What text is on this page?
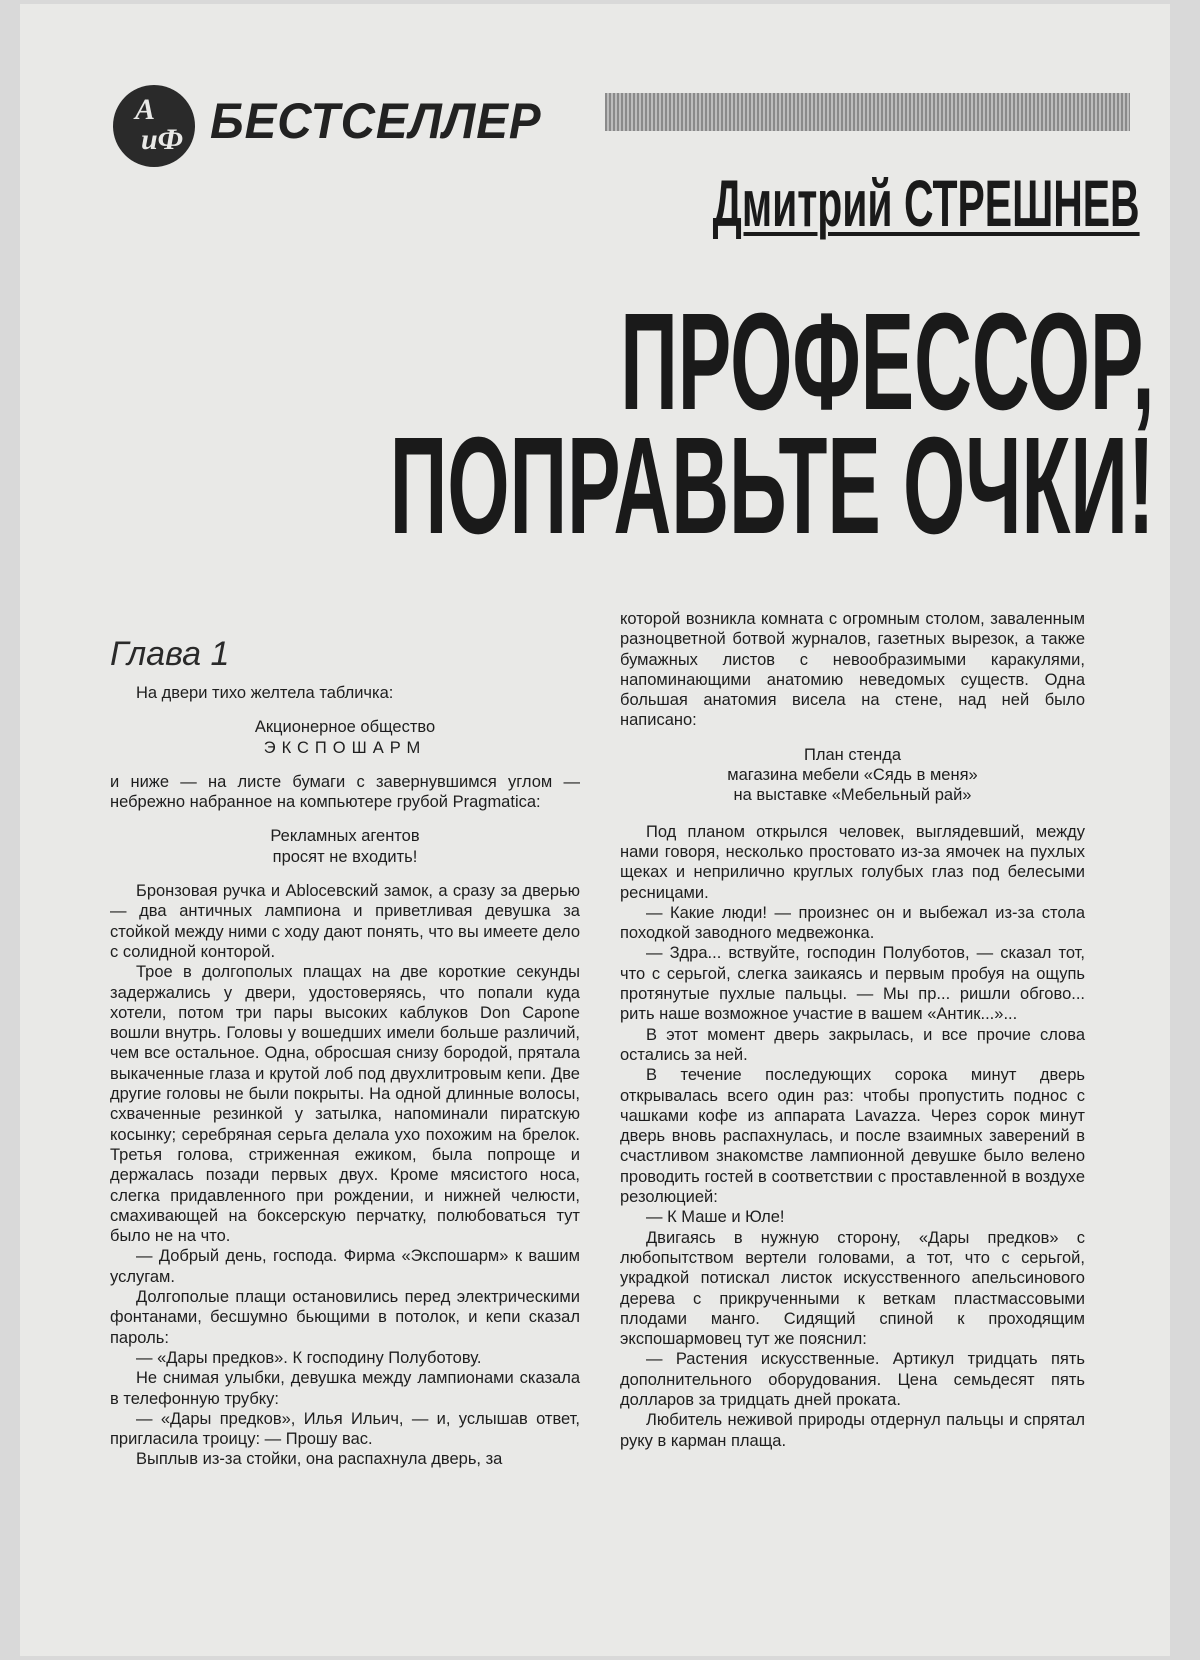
А
иФ БЕСТСЕЛЛЕР
Дмитрий СТРЕШНЕВ
ПРОФЕССОР,
ПОПРАВЬТЕ ОЧКИ!
Глава 1

На двери тихо желтела табличка:

Акционерное общество

ЭКСПОШАРМ

и ниже — на листе бумаги с завернувшимся углом — небрежно набранное на компьютере грубой Pragmatica:

Рекламных агентов

просят не входить!

Бронзовая ручка и Ablocевский замок, а сразу за дверью — два античных лампиона и приветливая девушка за стойкой между ними с ходу дают понять, что вы имеете дело с солидной конторой.

Трое в долгополых плащах на две короткие секунды задержались у двери, удостоверяясь, что попали куда хотели, потом три пары высоких каблуков Don Capone вошли внутрь. Головы у вошедших имели больше различий, чем все остальное. Одна, обросшая снизу бородой, прятала выкаченные глаза и крутой лоб под двухлитровым кепи. Две другие головы не были покрыты. На одной длинные волосы, схваченные резинкой у затылка, напоминали пиратскую косынку; серебряная серьга делала ухо похожим на брелок. Третья голова, стриженная ежиком, была попроще и держалась позади первых двух. Кроме мясистого носа, слегка придавленного при рождении, и нижней челюсти, смахивающей на боксерскую перчатку, полюбоваться тут было не на что.

— Добрый день, господа. Фирма «Экспошарм» к вашим услугам.

Долгополые плащи остановились перед электрическими фонтанами, бесшумно бьющими в потолок, и кепи сказал пароль:

— «Дары предков». К господину Полуботову.

Не снимая улыбки, девушка между лампионами сказала в телефонную трубку:

— «Дары предков», Илья Ильич, — и, услышав ответ, пригласила троицу: — Прошу вас.

Выплыв из-за стойки, она распахнула дверь, за

которой возникла комната с огромным столом, заваленным разноцветной ботвой журналов, газетных вырезок, а также бумажных листов с невообразимыми каракулями, напоминающими анатомию неведомых существ. Одна большая анатомия висела на стене, над ней было написано:

План стенда

магазина мебели «Сядь в меня»

на выставке «Мебельный рай»

Под планом открылся человек, выглядевший, между нами говоря, несколько простовато из-за ямочек на пухлых щеках и неприлично круглых голубых глаз под белесыми ресницами.

— Какие люди! — произнес он и выбежал из-за стола походкой заводного медвежонка.

— Здра... вствуйте, господин Полуботов, — сказал тот, что с серьгой, слегка заикаясь и первым пробуя на ощупь протянутые пухлые пальцы. — Мы пр... ришли обгово... рить наше возможное участие в вашем «Антик...»...

В этот момент дверь закрылась, и все прочие слова остались за ней.

В течение последующих сорока минут дверь открывалась всего один раз: чтобы пропустить поднос с чашками кофе из аппарата Lavazza. Через сорок минут дверь вновь распахнулась, и после взаимных заверений в счастливом знакомстве лампионной девушке было велено проводить гостей в соответствии с проставленной в воздухе резолюцией:

— К Маше и Юле!

Двигаясь в нужную сторону, «Дары предков» с любопытством вертели головами, а тот, что с серьгой, украдкой потискал листок искусственного апельсинового дерева с прикрученными к веткам пластмассовыми плодами манго. Сидящий спиной к проходящим экспошармовец тут же пояснил:

— Растения искусственные. Артикул тридцать пять дополнительного оборудования. Цена семьдесят пять долларов за тридцать дней проката.

Любитель неживой природы отдернул пальцы и спрятал руку в карман плаща.
